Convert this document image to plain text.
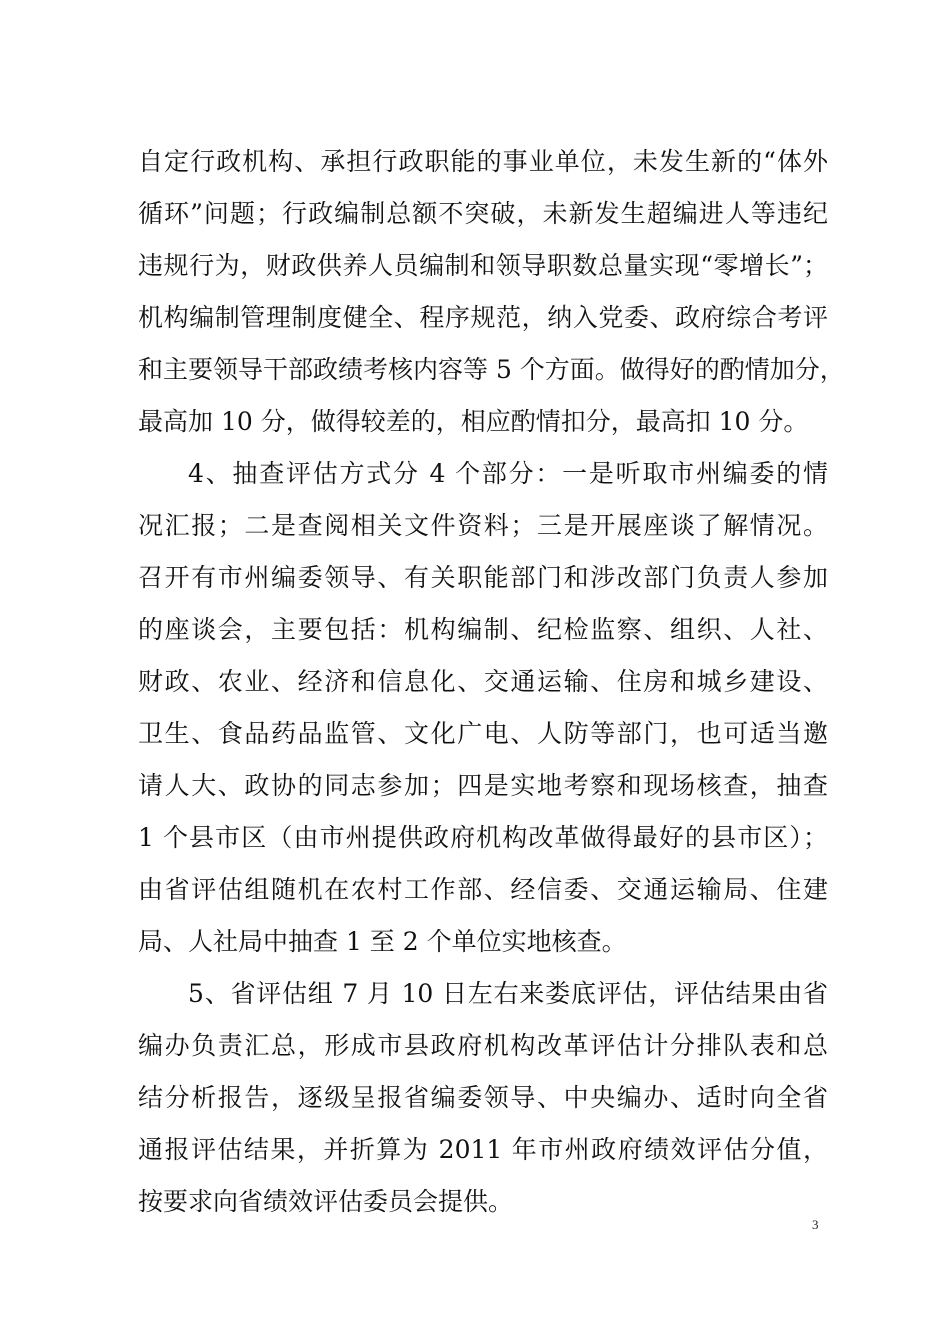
自定行政机构、承担行政职能的事业单位，未发生新的“体外
循环”问题；行政编制总额不突破，未新发生超编进人等违纪
违规行为，财政供养人员编制和领导职数总量实现“零增长”；
机构编制管理制度健全、程序规范，纳入党委、政府综合考评
和主要领导干部政绩考核内容等 5 个方面。做得好的酌情加分，
最高加 10 分，做得较差的，相应酌情扣分，最高扣 10 分。
4、抽查评估方式分 4 个部分：一是听取市州编委的情
况汇报；二是查阅相关文件资料；三是开展座谈了解情况。
召开有市州编委领导、有关职能部门和涉改部门负责人参加
的座谈会，主要包括：机构编制、纪检监察、组织、人社、
财政、农业、经济和信息化、交通运输、住房和城乡建设、
卫生、食品药品监管、文化广电、人防等部门，也可适当邀
请人大、政协的同志参加；四是实地考察和现场核查，抽查
1 个县市区（由市州提供政府机构改革做得最好的县市区）；
由省评估组随机在农村工作部、经信委、交通运输局、住建
局、人社局中抽查 1 至 2 个单位实地核查。
5、省评估组 7 月 10 日左右来娄底评估，评估结果由省
编办负责汇总，形成市县政府机构改革评估计分排队表和总
结分析报告，逐级呈报省编委领导、中央编办、适时向全省
通报评估结果，并折算为 2011 年市州政府绩效评估分值，
按要求向省绩效评估委员会提供。
3
